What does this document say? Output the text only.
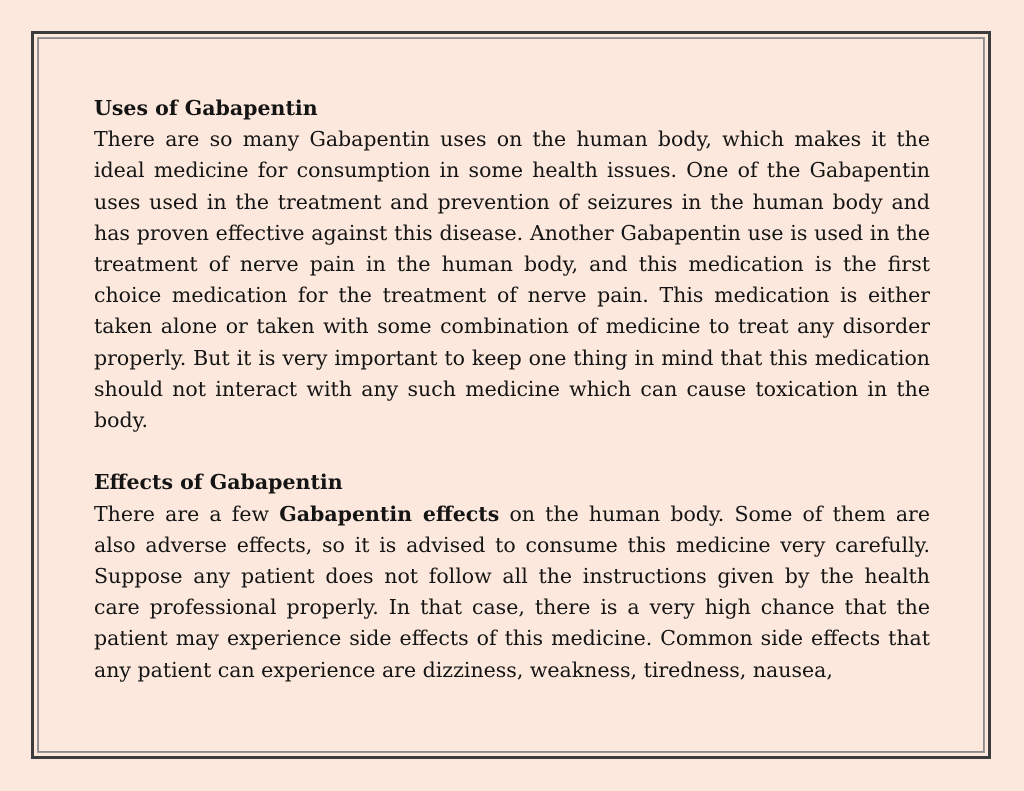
Uses of Gabapentin

There are so many Gabapentin uses on the human body, which makes it the ideal medicine for consumption in some health issues. One of the Gabapentin uses used in the treatment and prevention of seizures in the human body and has proven effective against this disease. Another Gabapentin use is used in the treatment of nerve pain in the human body, and this medication is the first choice medication for the treatment of nerve pain. This medication is either taken alone or taken with some combination of medicine to treat any disorder properly. But it is very important to keep one thing in mind that this medication should not interact with any such medicine which can cause toxication in the body.

Effects of Gabapentin

There are a few Gabapentin effects on the human body. Some of them are also adverse effects, so it is advised to consume this medicine very carefully. Suppose any patient does not follow all the instructions given by the health care professional properly. In that case, there is a very high chance that the patient may experience side effects of this medicine. Common side effects that any patient can experience are dizziness, weakness, tiredness, nausea,
